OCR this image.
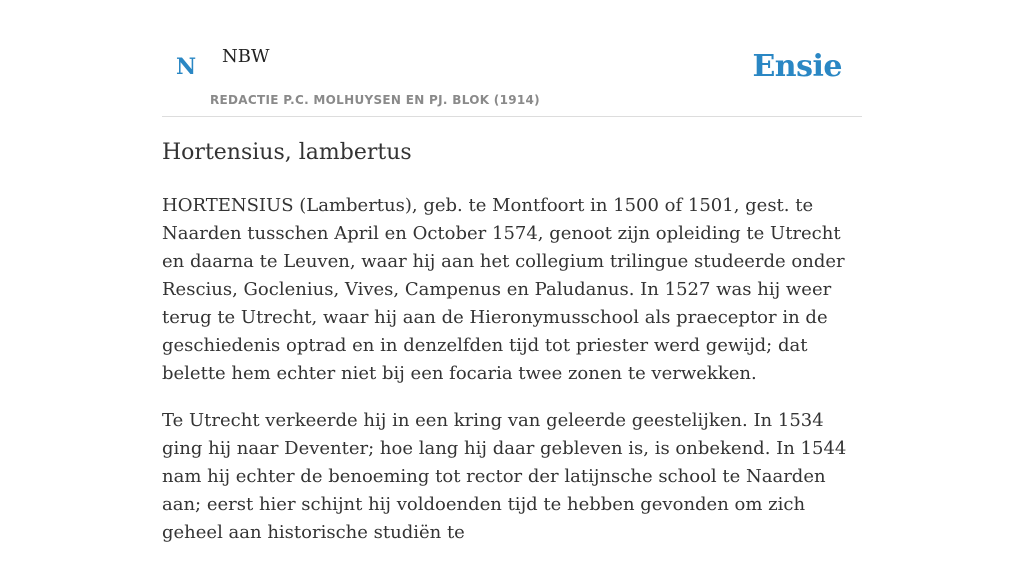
N NBW
REDACTIE P.C. MOLHUYSEN EN PJ. BLOK (1914)
Ensie
Hortensius, lambertus

HORTENSIUS (Lambertus), geb. te Montfoort in 1500 of 1501, gest. te Naarden tusschen April en October 1574, genoot zijn opleiding te Utrecht en daarna te Leuven, waar hij aan het collegium trilingue studeerde onder Rescius, Goclenius, Vives, Campenus en Paludanus. In 1527 was hij weer terug te Utrecht, waar hij aan de Hieronymusschool als praeceptor in de geschiedenis optrad en in denzelfden tijd tot priester werd gewijd; dat belette hem echter niet bij een focaria twee zonen te verwekken.

Te Utrecht verkeerde hij in een kring van geleerde geestelijken. In 1534 ging hij naar Deventer; hoe lang hij daar gebleven is, is onbekend. In 1544 nam hij echter de benoeming tot rector der latijnsche school te Naarden aan; eerst hier schijnt hij voldoenden tijd te hebben gevonden om zich geheel aan historische studiën te
